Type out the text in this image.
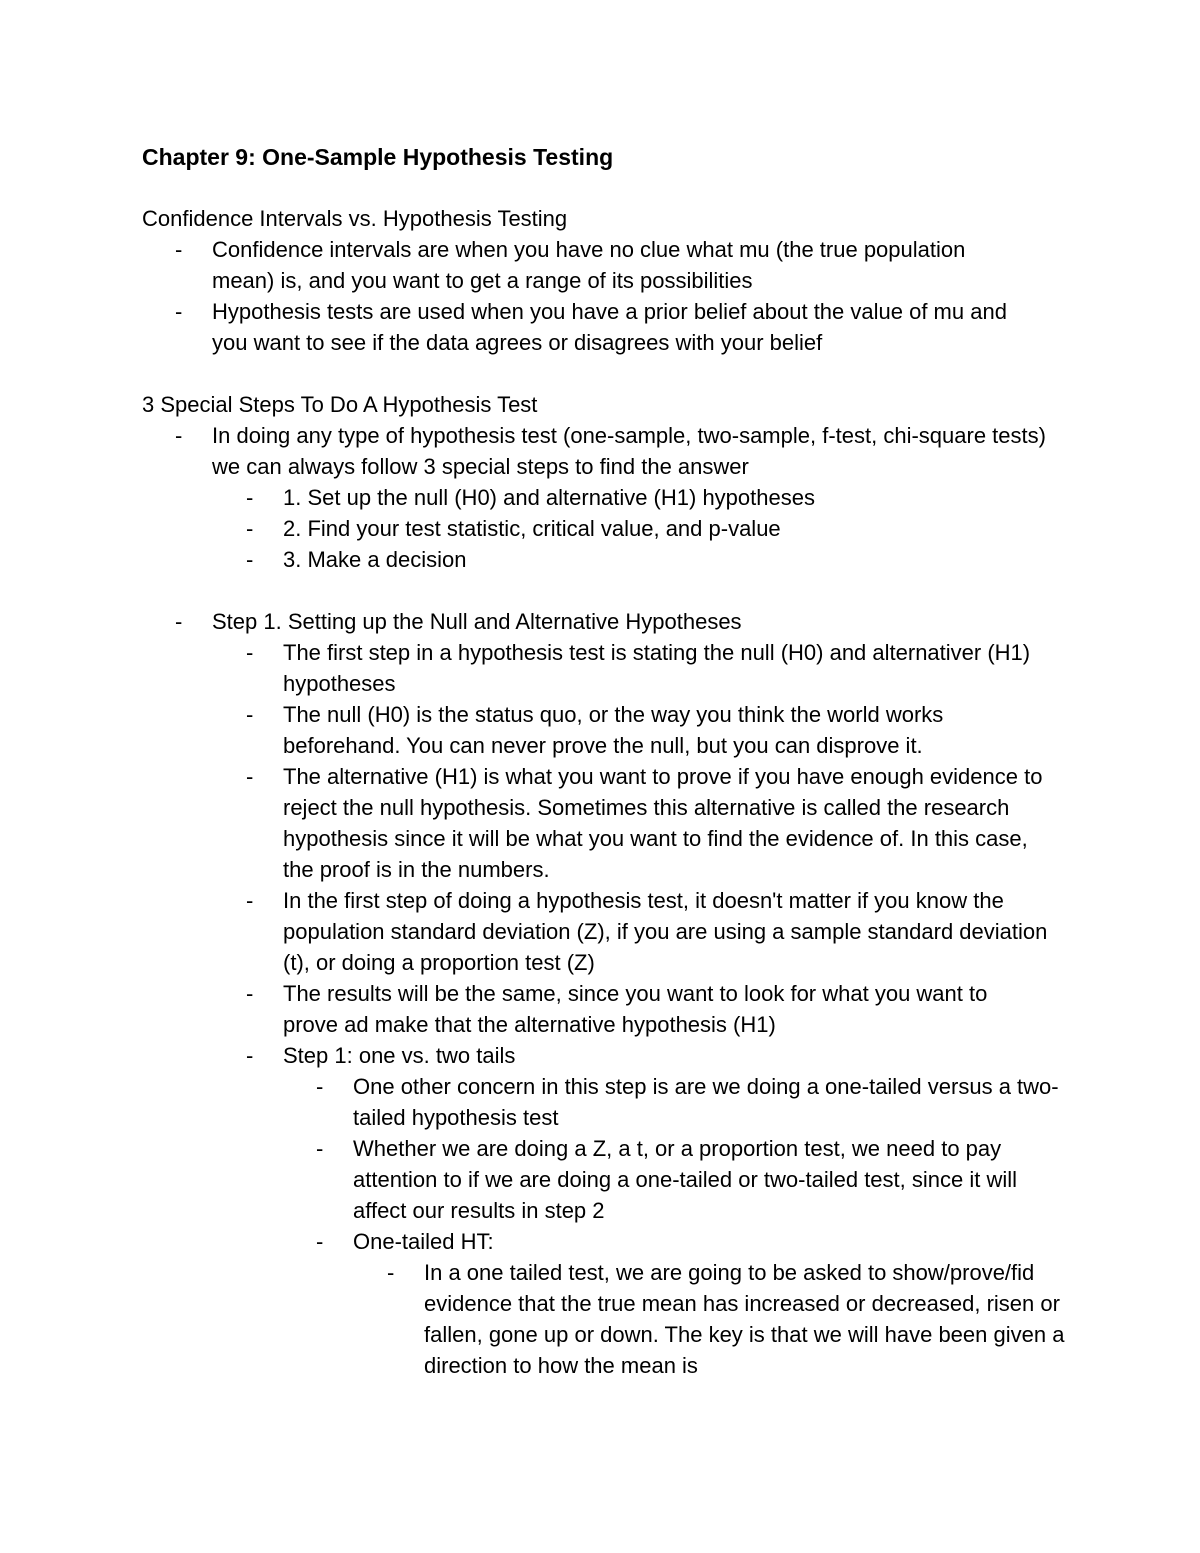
Chapter 9: One-Sample Hypothesis Testing
Confidence Intervals vs. Hypothesis Testing
-	Confidence intervals are when you have no clue what mu (the true population mean) is, and you want to get a range of its possibilities
-	Hypothesis tests are used when you have a prior belief about the value of mu and you want to see if the data agrees or disagrees with your belief
3 Special Steps To Do A Hypothesis Test
-	In doing any type of hypothesis test (one-sample, two-sample, f-test, chi-square tests) we can always follow 3 special steps to find the answer
-	1. Set up the null (H0) and alternative (H1) hypotheses
-	2. Find your test statistic, critical value, and p-value
-	3. Make a decision
-	Step 1. Setting up the Null and Alternative Hypotheses
-	The first step in a hypothesis test is stating the null (H0) and alternativer (H1) hypotheses
-	The null (H0) is the status quo, or the way you think the world works beforehand. You can never prove the null, but you can disprove it.
-	The alternative (H1) is what you want to prove if you have enough evidence to reject the null hypothesis. Sometimes this alternative is called the research hypothesis since it will be what you want to find the evidence of. In this case, the proof is in the numbers.
-	In the first step of doing a hypothesis test, it doesn't matter if you know the population standard deviation (Z), if you are using a sample standard deviation (t), or doing a proportion test (Z)
-	The results will be the same, since you want to look for what you want to prove ad make that the alternative hypothesis (H1)
-	Step 1: one vs. two tails
-	One other concern in this step is are we doing a one-tailed versus a two-tailed hypothesis test
-	Whether we are doing a Z, a t, or a proportion test, we need to pay attention to if we are doing a one-tailed or two-tailed test, since it will affect our results in step 2
-	One-tailed HT:
-	In a one tailed test, we are going to be asked to show/prove/fid evidence that the true mean has increased or decreased, risen or fallen, gone up or down. The key is that we will have been given a direction to how the mean is
